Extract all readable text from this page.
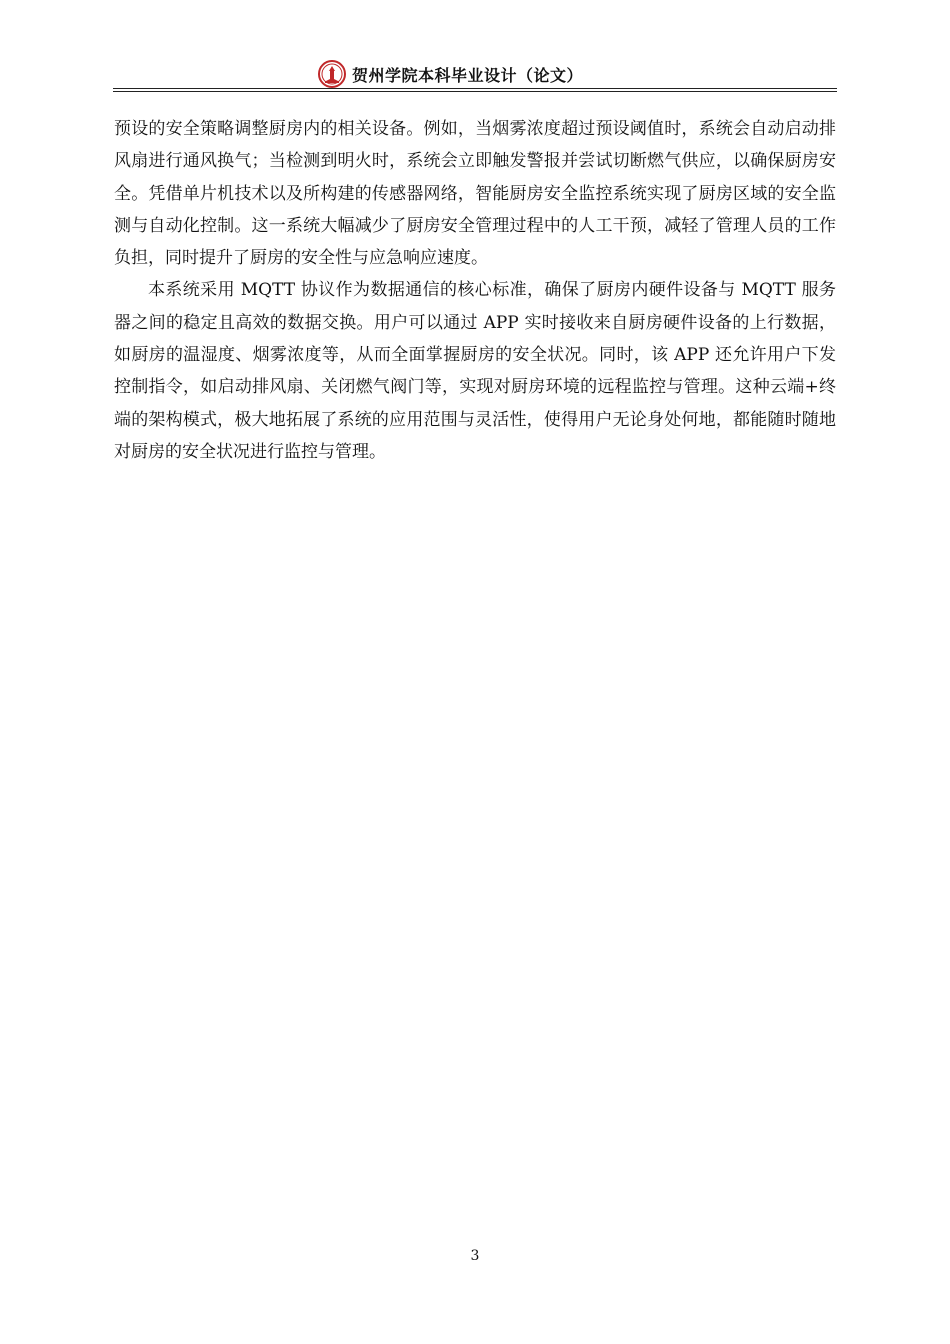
贺州学院本科毕业设计（论文）

预设的安全策略调整厨房内的相关设备。例如，当烟雾浓度超过预设阈值时，系统会自动启动排风扇进行通风换气；当检测到明火时，系统会立即触发警报并尝试切断燃气供应，以确保厨房安全。凭借单片机技术以及所构建的传感器网络，智能厨房安全监控系统实现了厨房区域的安全监测与自动化控制。这一系统大幅减少了厨房安全管理过程中的人工干预，减轻了管理人员的工作负担，同时提升了厨房的安全性与应急响应速度。

本系统采用 MQTT 协议作为数据通信的核心标准，确保了厨房内硬件设备与 MQTT 服务器之间的稳定且高效的数据交换。用户可以通过 APP 实时接收来自厨房硬件设备的上行数据，如厨房的温湿度、烟雾浓度等，从而全面掌握厨房的安全状况。同时，该 APP 还允许用户下发控制指令，如启动排风扇、关闭燃气阀门等，实现对厨房环境的远程监控与管理。这种云端+终端的架构模式，极大地拓展了系统的应用范围与灵活性，使得用户无论身处何地，都能随时随地对厨房的安全状况进行监控与管理。

3
